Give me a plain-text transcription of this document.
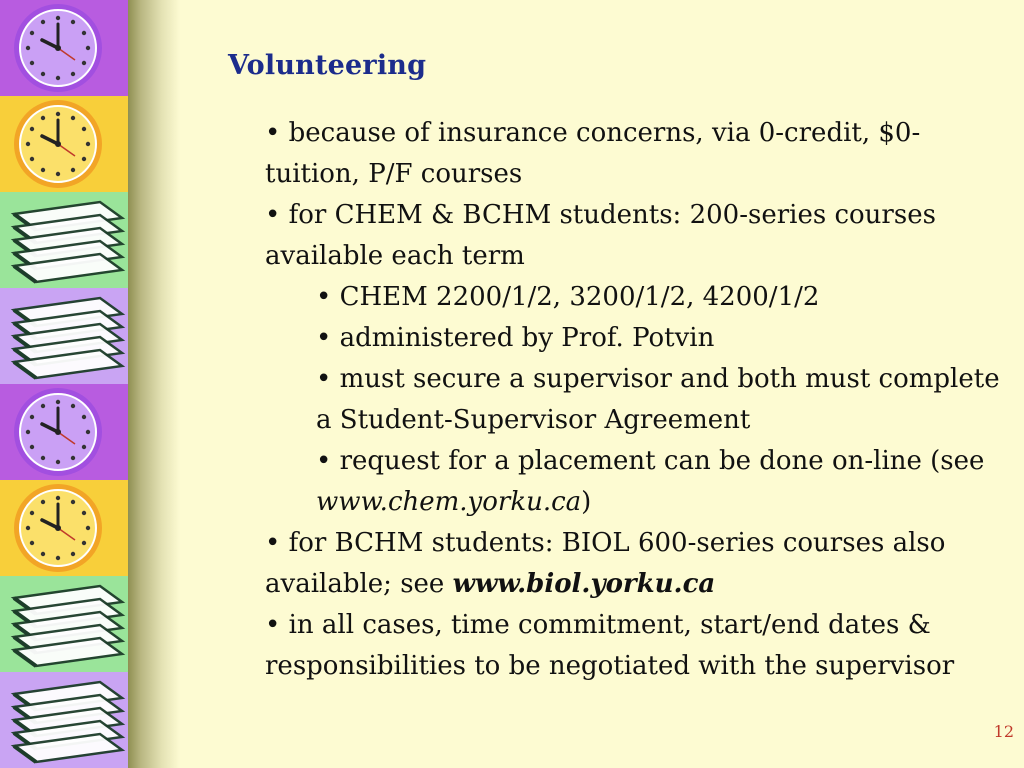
Volunteering

• because of insurance concerns, via 0-credit, $0-tuition, P/F courses

• for CHEM & BCHM students: 200-series courses available each term

• CHEM 2200/1/2, 3200/1/2, 4200/1/2

• administered by Prof. Potvin

• must secure a supervisor and both must complete a Student-Supervisor Agreement

• request for a placement can be done on-line (see www.chem.yorku.ca)

• for BCHM students: BIOL 600-series courses also available; see www.biol.yorku.ca

• in all cases, time commitment, start/end dates & responsibilities to be negotiated with the supervisor

12
